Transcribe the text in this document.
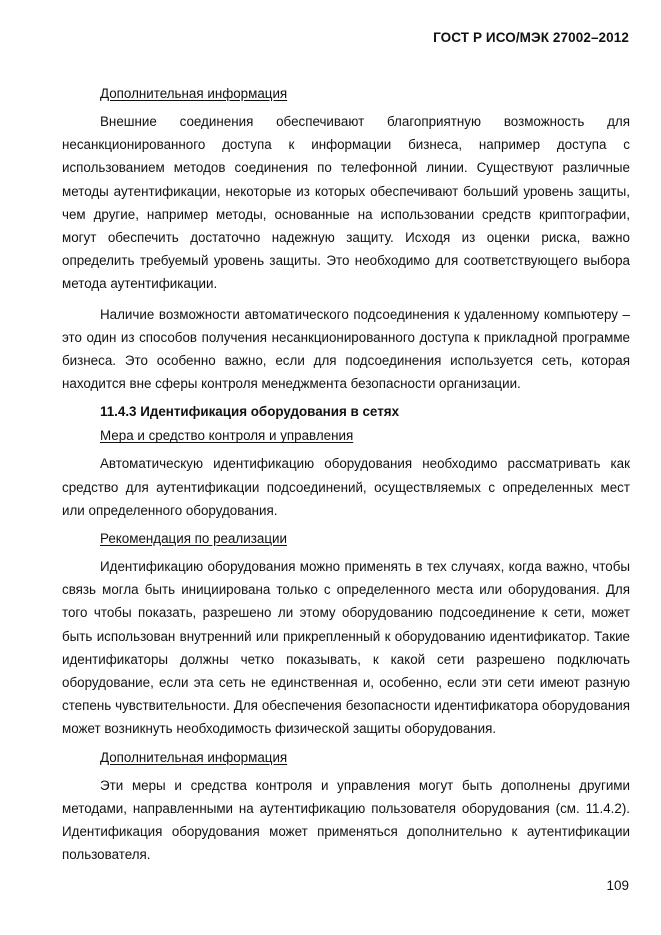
ГОСТ Р ИСО/МЭК 27002–2012
Дополнительная информация

Внешние соединения обеспечивают благоприятную возможность для несанкционированного доступа к информации бизнеса, например доступа с использованием методов соединения по телефонной линии. Существуют различные методы аутентификации, некоторые из которых обеспечивают больший уровень защиты, чем другие, например методы, основанные на использовании средств криптографии, могут обеспечить достаточно надежную защиту. Исходя из оценки риска, важно определить требуемый уровень защиты. Это необходимо для соответствующего выбора метода аутентификации.

Наличие возможности автоматического подсоединения к удаленному компьютеру – это один из способов получения несанкционированного доступа к прикладной программе бизнеса. Это особенно важно, если для подсоединения используется сеть, которая находится вне сферы контроля менеджмента безопасности организации.

11.4.3 Идентификация оборудования в сетях
Мера и средство контроля и управления

Автоматическую идентификацию оборудования необходимо рассматривать как средство для аутентификации подсоединений, осуществляемых с определенных мест или определенного оборудования.

Рекомендация по реализации

Идентификацию оборудования можно применять в тех случаях, когда важно, чтобы связь могла быть инициирована только с определенного места или оборудования. Для того чтобы показать, разрешено ли этому оборудованию подсоединение к сети, может быть использован внутренний или прикрепленный к оборудованию идентификатор. Такие идентификаторы должны четко показывать, к какой сети разрешено подключать оборудование, если эта сеть не единственная и, особенно, если эти сети имеют разную степень чувствительности. Для обеспечения безопасности идентификатора оборудования может возникнуть необходимость физической защиты оборудования.

Дополнительная информация

Эти меры и средства контроля и управления могут быть дополнены другими методами, направленными на аутентификацию пользователя оборудования (см. 11.4.2). Идентификация оборудования может применяться дополнительно к аутентификации пользователя.

109
